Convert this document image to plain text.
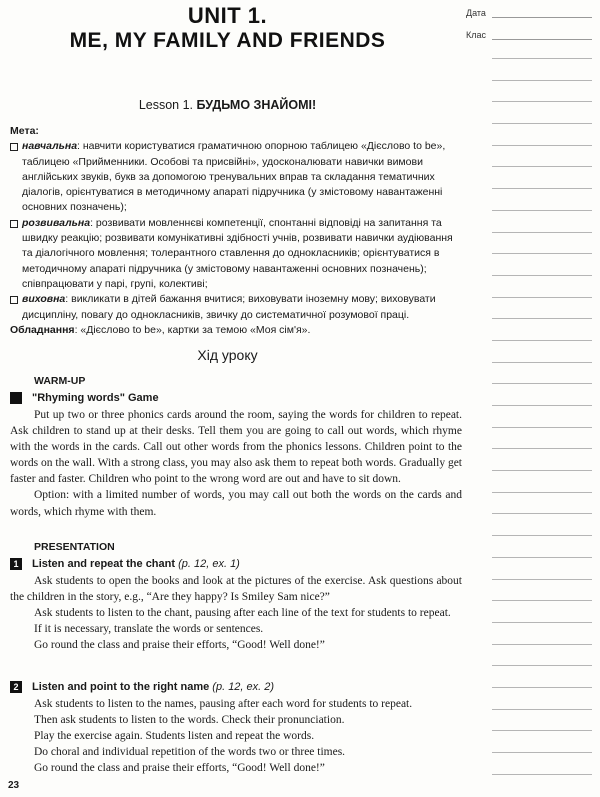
UNIT 1.
ME, MY FAMILY AND FRIENDS
Дата
Клас
Lesson 1. БУДЬМО ЗНАЙОМІ!
Мета:
навчальна: навчити користуватися граматичною опорною таблицею «Дієслово to be», таблицею «Прийменники. Особові та присвійні», удосконалювати навички вимови англійських звуків, букв за допомогою тренувальних вправ та складання тематичних діалогів, орієнтуватися в методичному апараті підручника (у змістовому навантаженні основних позначень);
розвивальна: розвивати мовленнєві компетенції, спонтанні відповіді на запитання та швидку реакцію; розвивати комунікативні здібності учнів, розвивати навички аудіювання та діалогічного мовлення; толерантного ставлення до однокласників; орієнтуватися в методичному апараті підручника (у змістовому навантаженні основних позначень); співпрацювати у парі, групі, колективі;
виховна: викликати в дітей бажання вчитися; виховувати іноземну мову; виховувати дисципліну, повагу до однокласників, звичку до систематичної розумової праці.
Обладнання: «Дієслово to be», картки за темою «Моя сім'я».
Хід уроку
WARM-UP
"Rhyming words" Game

Put up two or three phonics cards around the room, saying the words for children to repeat. Ask children to stand up at their desks. Tell them you are going to call out words, which rhyme with the words in the cards. Call out other words from the phonics lessons. Children point to the words on the wall. With a strong class, you may also ask them to repeat both words. Gradually get faster and faster. Children who point to the wrong word are out and have to sit down.

Option: with a limited number of words, you may call out both the words on the cards and words, which rhyme with them.

PRESENTATION
1	Listen and repeat the chant
(p. 12, ex. 1)

Ask students to open the books and look at the pictures of the exercise. Ask questions about the children in the story, e.g., “Are they happy? Is Smiley Sam nice?”

Ask students to listen to the chant, pausing after each line of the text for students to repeat.

If it is necessary, translate the words or sentences.

Go round the class and praise their efforts, “Good! Well done!”

2	Listen and point to the right name
(p. 12, ex. 2)

Ask students to listen to the names, pausing after each word for students to repeat.

Then ask students to listen to the words. Check their pronunciation.

Play the exercise again. Students listen and repeat the words.

Do choral and individual repetition of the words two or three times.

Go round the class and praise their efforts, “Good! Well done!”

23
